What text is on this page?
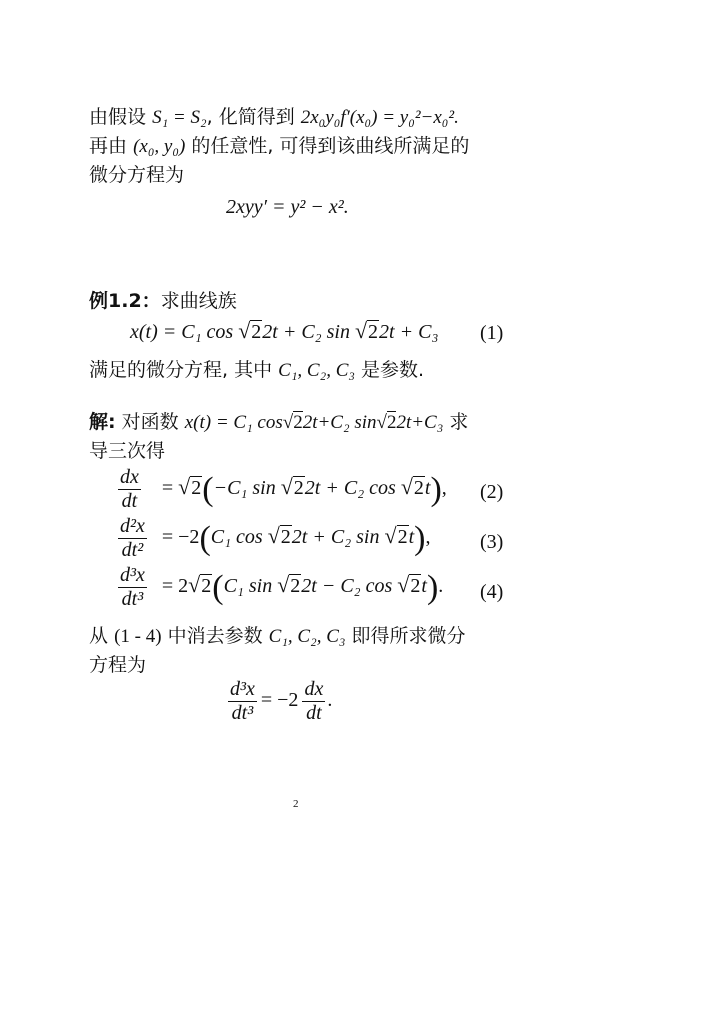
由假设 S₁ = S₂, 化简得到 2x₀y₀f′(x₀) = y₀²−x₀².
再由 (x₀, y₀) 的任意性, 可得到该曲线所满足的
微分方程为
2xyy′ = y² − x².
例1.2：求曲线族
x(t) = C₁ cos √22t + C₂ sin √22t + C₃ (1)
满足的微分方程, 其中 C₁, C₂, C₃ 是参数.
解: 对函数 x(t) = C₁ cos√22t+C₂ sin√22t+C₃ 求
导三次得
$\frac{dx}{dt} = √2(-C_1$ sin √22t + C₂ cos √2t), (2)
$\frac{\text{d²x}}{\text{dt²}} = -2(C_1$ cos √22t + C₂ sin √2t), (3)
$\frac{\text{d³x}}{\text{dt³}} = 2√2(C_1$ sin √22t − C₂ cos √2t). (4)
从 (1 - 4) 中消去参数 C₁, C₂, C₃ 即得所求微分
方程为
$\frac{\text{d³x}}{\text{dt³}} = -2 \frac{dx}{dt}$ .
2
